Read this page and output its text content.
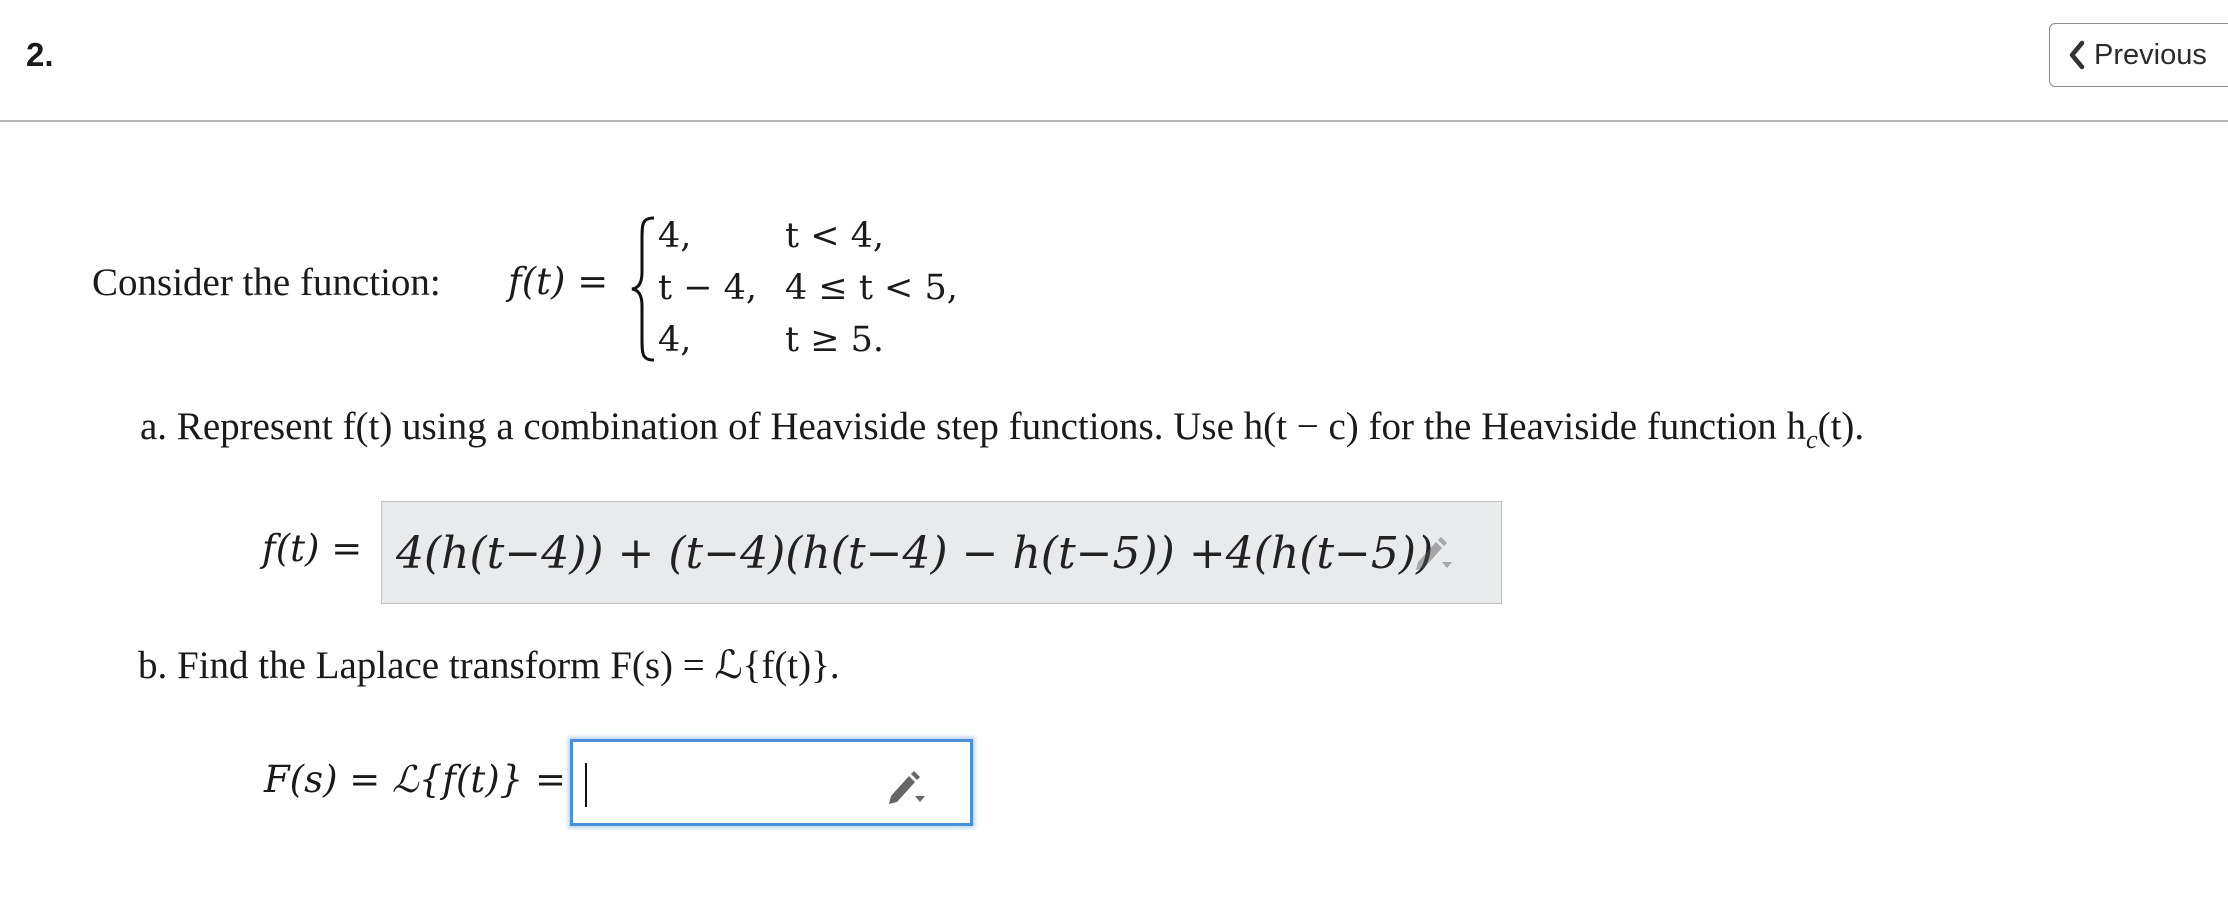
2.	Previous
Consider the function: f(t) =
4,	t < 4,
t − 4, 4 ≤ t < 5,
4,	t ≥ 5.
a. Represent f(t) using a combination of Heaviside step functions. Use h(t − c) for the Heaviside function $h_c(t)$.
f(t) = 4(h(t−4)) + (t−4)(h(t−4) − h(t−5)) +4(h(t−5))
b. Find the Laplace transform F(s) = ℒ{f(t)}.
F(s) = ℒ{f(t)} =
